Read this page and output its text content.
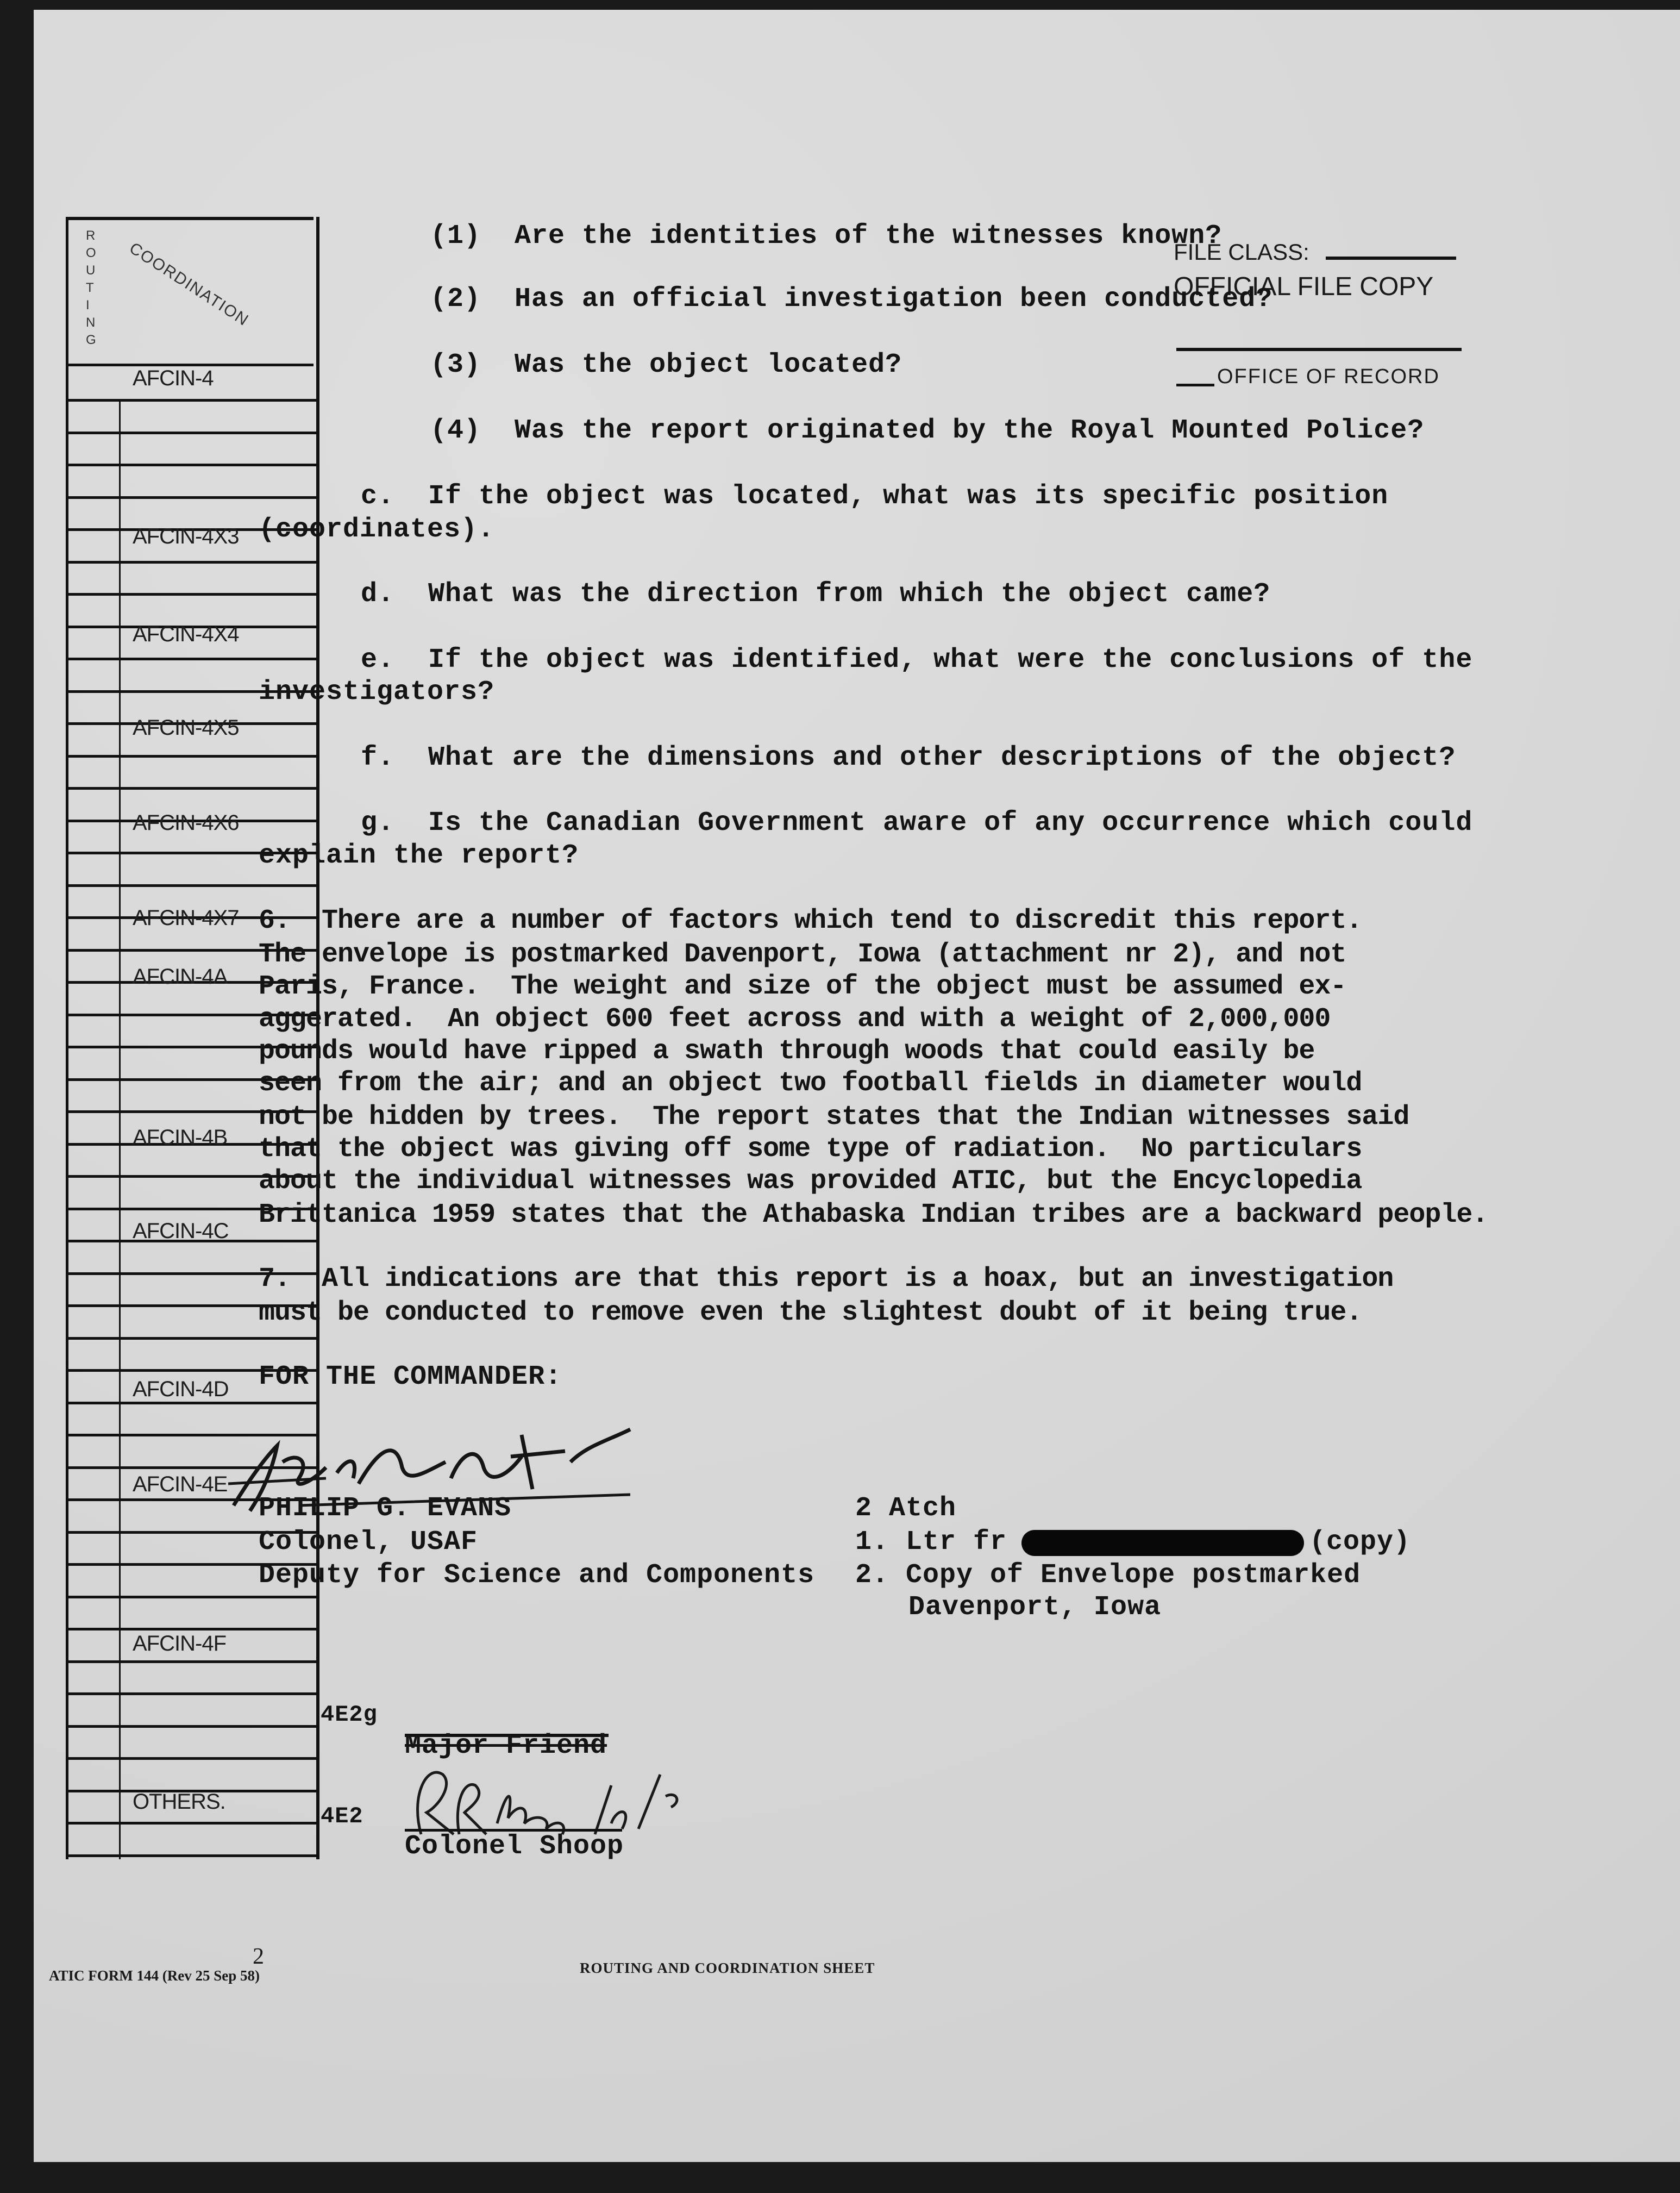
R
O
U
T
I
N
G
COORDINATION
AFCIN-4
AFCIN-4X3
AFCIN-4X4
AFCIN-4X5
AFCIN-4X6
AFCIN-4X7
AFCIN-4A
AFCIN-4B
AFCIN-4C
AFCIN-4D
AFCIN-4E
AFCIN-4F
OTHERS.
FILE CLASS:
OFFICIAL FILE COPY
OFFICE OF RECORD
(1)  Are the identities of the witnesses known?
(2)  Has an official investigation been conducted?
(3)  Was the object located?
(4)  Was the report originated by the Royal Mounted Police?
c.  If the object was located, what was its specific position
(coordinates).
d.  What was the direction from which the object came?
e.  If the object was identified, what were the conclusions of the
investigators?
f.  What are the dimensions and other descriptions of the object?
g.  Is the Canadian Government aware of any occurrence which could
explain the report?
6.  There are a number of factors which tend to discredit this report.
The envelope is postmarked Davenport, Iowa (attachment nr 2), and not
Paris, France.  The weight and size of the object must be assumed ex-
aggerated.  An object 600 feet across and with a weight of 2,000,000
pounds would have ripped a swath through woods that could easily be
seen from the air; and an object two football fields in diameter would
not be hidden by trees.  The report states that the Indian witnesses said
that the object was giving off some type of radiation.  No particulars
about the individual witnesses was provided ATIC, but the Encyclopedia
Brittanica 1959 states that the Athabaska Indian tribes are a backward people.
7.  All indications are that this report is a hoax, but an investigation
must be conducted to remove even the slightest doubt of it being true.
FOR THE COMMANDER:
PHILIP G. EVANS
Colonel, USAF
Deputy for Science and Components
2 Atch
1. Ltr fr	(copy)
2. Copy of Envelope postmarked
Davenport, Iowa
4E2g
Major Friend
4E2
Colonel Shoop
2
ATIC FORM 144 (Rev 25 Sep 58)	ROUTING AND COORDINATION SHEET
